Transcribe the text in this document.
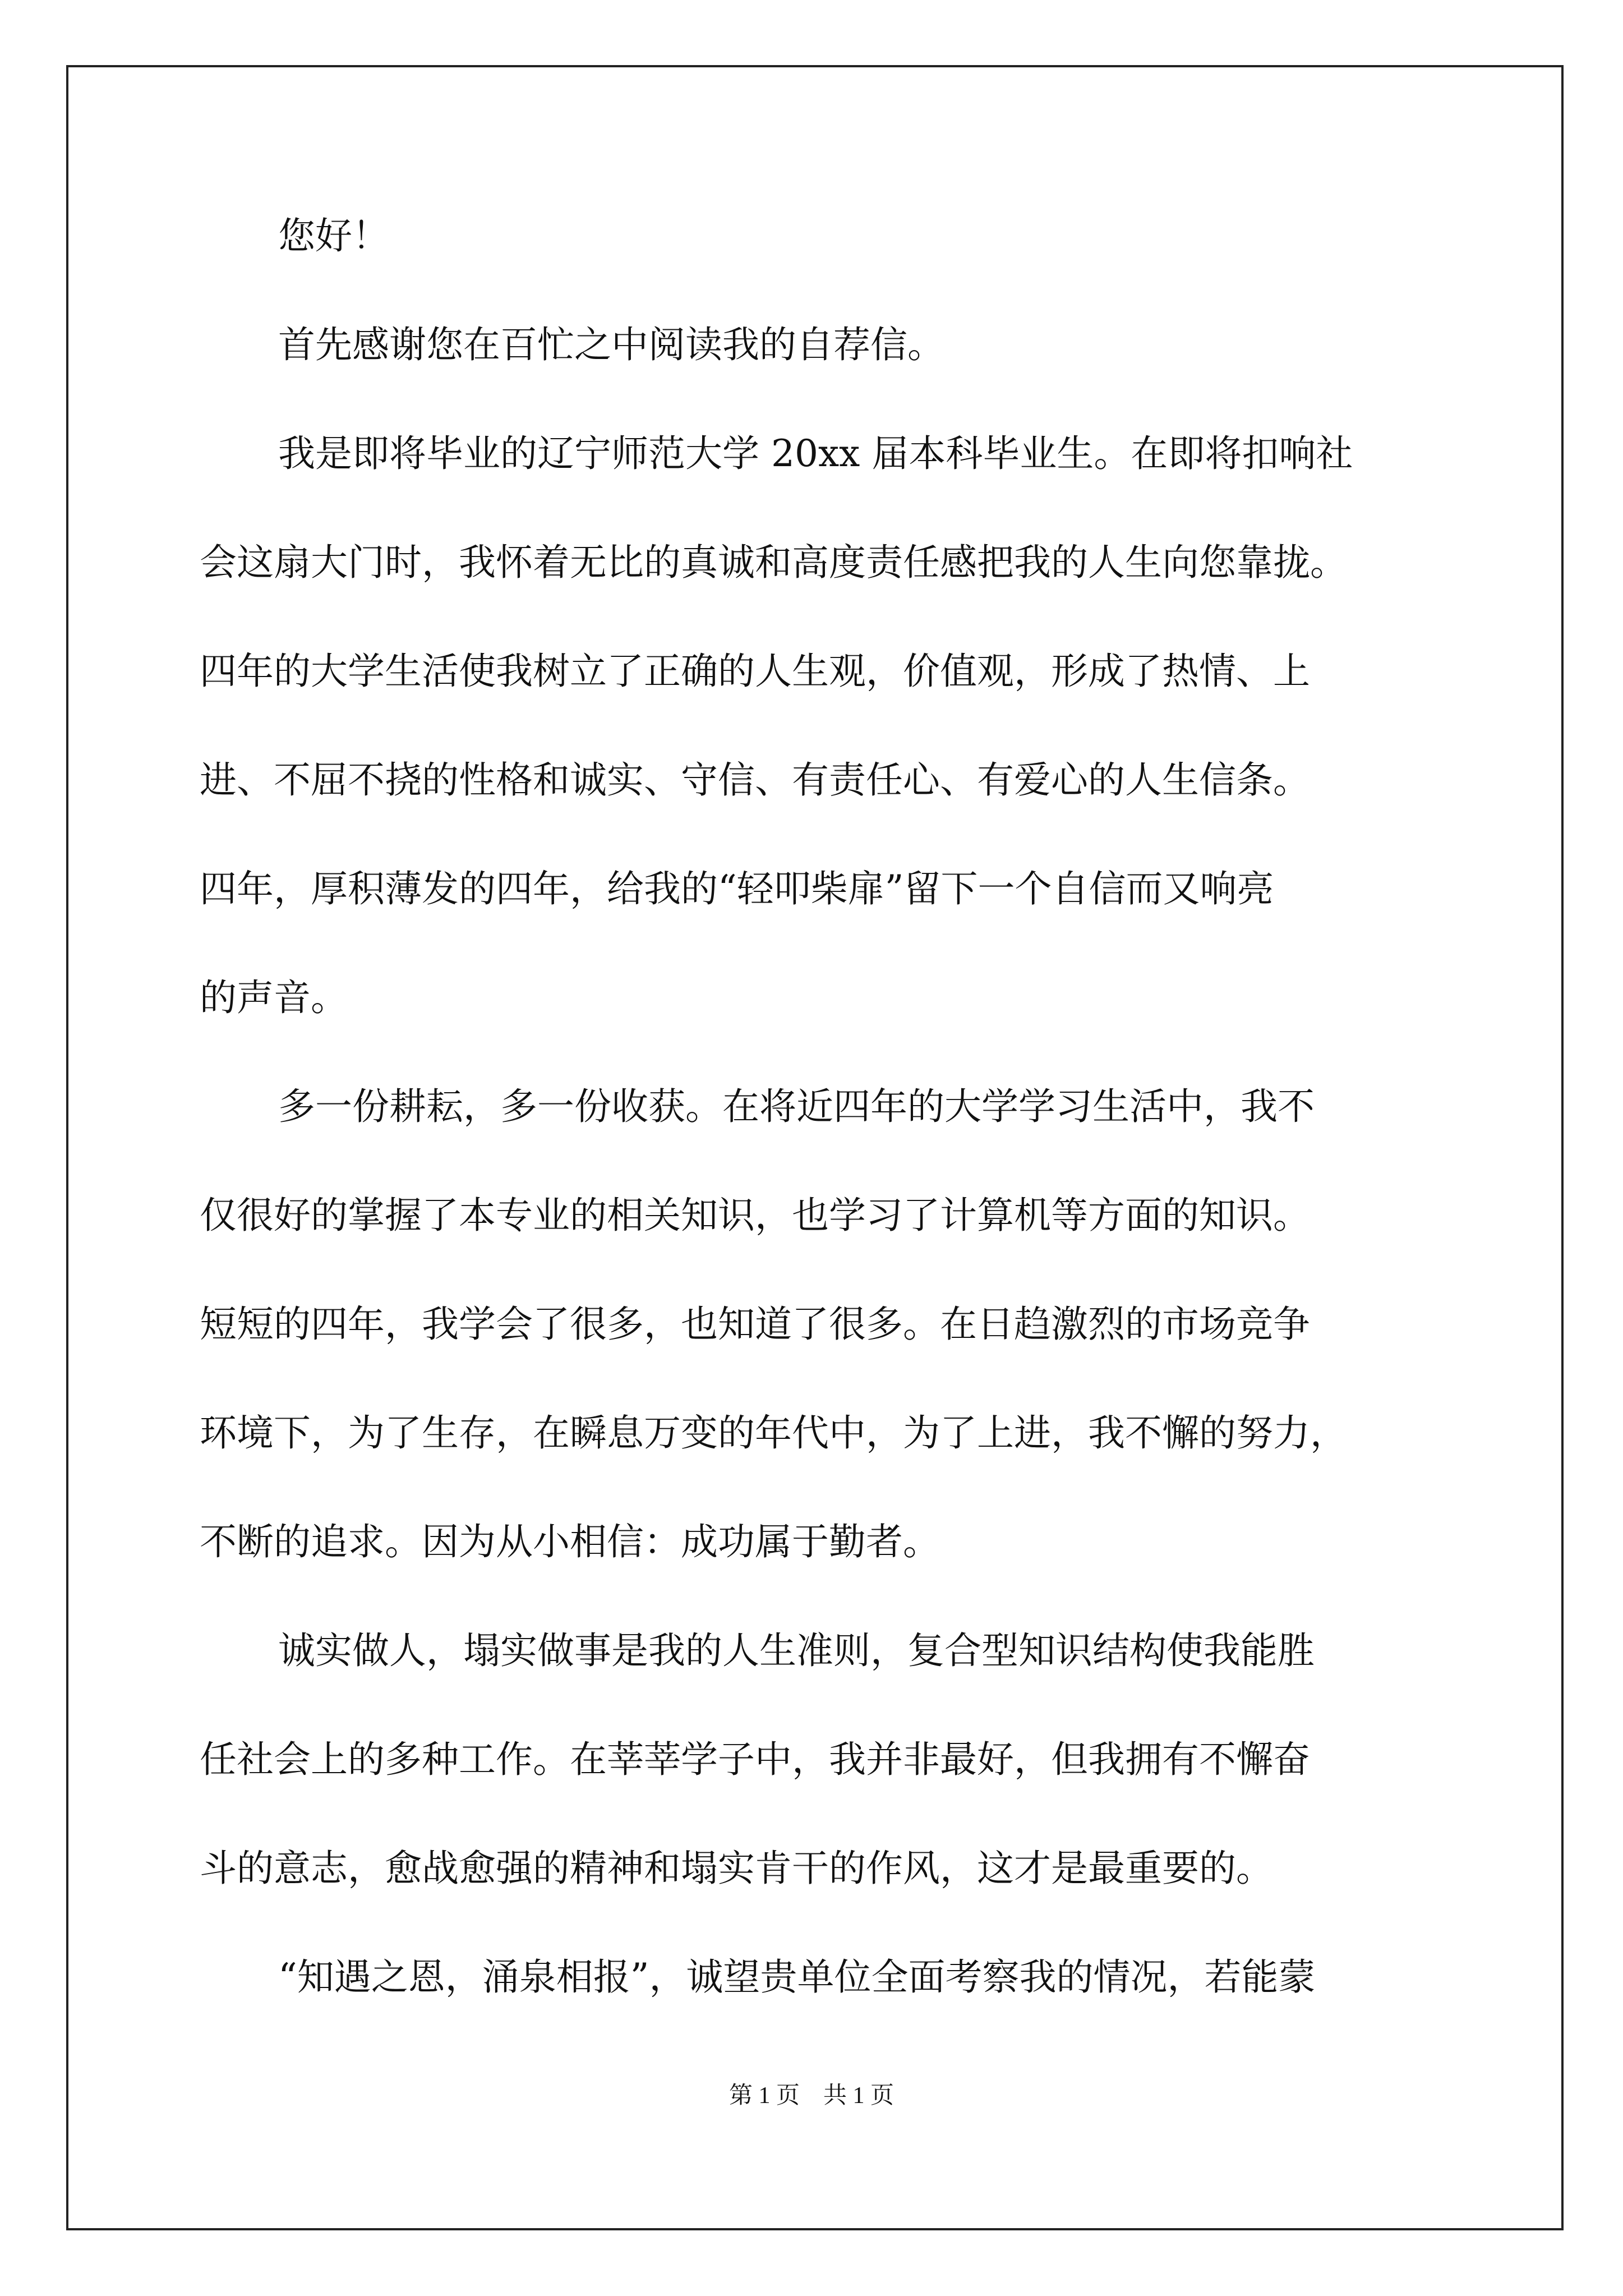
您好！

首先感谢您在百忙之中阅读我的自荐信。

我是即将毕业的辽宁师范大学 20xx 届本科毕业生。在即将扣响社

会这扇大门时，我怀着无比的真诚和高度责任感把我的人生向您靠拢。

四年的大学生活使我树立了正确的人生观，价值观，形成了热情、上

进、不屈不挠的性格和诚实、守信、有责任心、有爱心的人生信条。

四年，厚积薄发的四年，给我的“轻叩柴扉”留下一个自信而又响亮

的声音。

多一份耕耘，多一份收获。在将近四年的大学学习生活中，我不

仅很好的掌握了本专业的相关知识，也学习了计算机等方面的知识。

短短的四年，我学会了很多，也知道了很多。在日趋激烈的市场竞争

环境下，为了生存，在瞬息万变的年代中，为了上进，我不懈的努力，

不断的追求。因为从小相信：成功属于勤者。

诚实做人，塌实做事是我的人生准则，复合型知识结构使我能胜

任社会上的多种工作。在莘莘学子中，我并非最好，但我拥有不懈奋

斗的意志，愈战愈强的精神和塌实肯干的作风，这才是最重要的。

“知遇之恩，涌泉相报”，诚望贵单位全面考察我的情况，若能蒙

第 1 页　共 1 页
